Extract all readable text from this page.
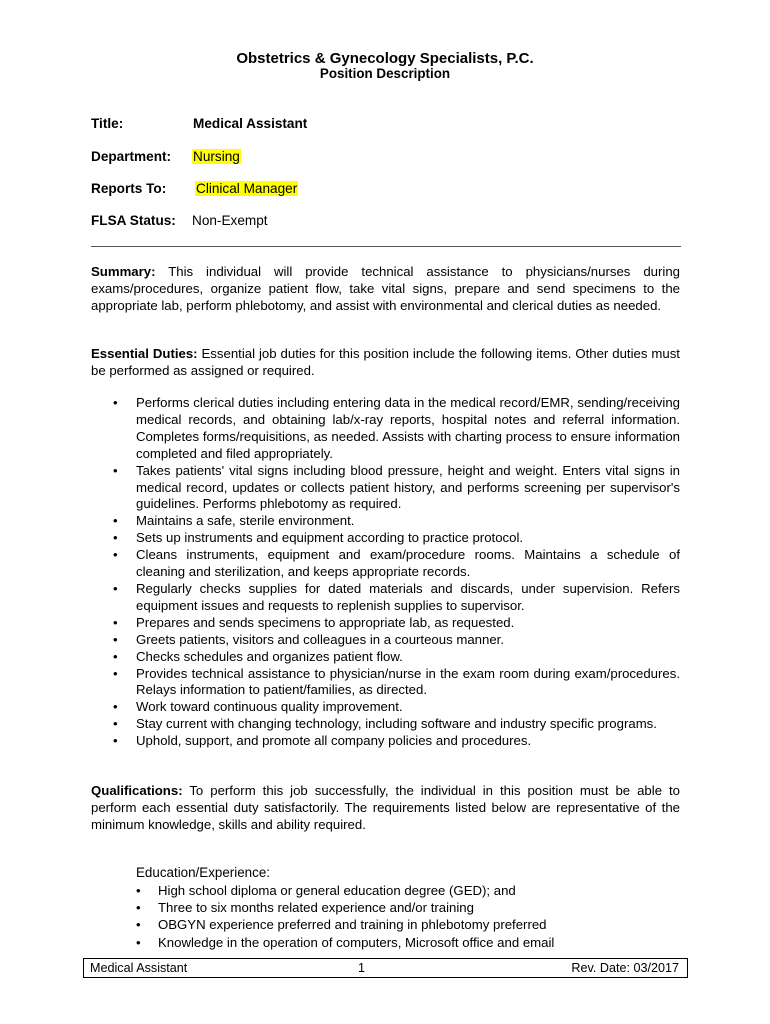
Obstetrics & Gynecology Specialists, P.C.
Position Description
Title:	Medical Assistant
Department: Nursing
Reports To: Clinical Manager
FLSA Status: Non-Exempt

Summary: This individual will provide technical assistance to physicians/nurses during exams/procedures, organize patient flow, take vital signs, prepare and send specimens to the appropriate lab, perform phlebotomy, and assist with environmental and clerical duties as needed.

Essential Duties: Essential job duties for this position include the following items. Other duties must be performed as assigned or required.

• Performs clerical duties including entering data in the medical record/EMR, sending/receiving medical records, and obtaining lab/x-ray reports, hospital notes and referral information. Completes forms/requisitions, as needed. Assists with charting process to ensure information completed and filed appropriately.
• Takes patients' vital signs including blood pressure, height and weight. Enters vital signs in medical record, updates or collects patient history, and performs screening per supervisor's guidelines. Performs phlebotomy as required.
• Maintains a safe, sterile environment.
• Sets up instruments and equipment according to practice protocol.
• Cleans instruments, equipment and exam/procedure rooms. Maintains a schedule of cleaning and sterilization, and keeps appropriate records.
• Regularly checks supplies for dated materials and discards, under supervision. Refers equipment issues and requests to replenish supplies to supervisor.
• Prepares and sends specimens to appropriate lab, as requested.
• Greets patients, visitors and colleagues in a courteous manner.
• Checks schedules and organizes patient flow.
• Provides technical assistance to physician/nurse in the exam room during exam/procedures. Relays information to patient/families, as directed.
• Work toward continuous quality improvement.
• Stay current with changing technology, including software and industry specific programs.
• Uphold, support, and promote all company policies and procedures.

Qualifications: To perform this job successfully, the individual in this position must be able to perform each essential duty satisfactorily. The requirements listed below are representative of the minimum knowledge, skills and ability required.

Education/Experience:
• High school diploma or general education degree (GED); and
• Three to six months related experience and/or training
• OBGYN experience preferred and training in phlebotomy preferred
• Knowledge in the operation of computers, Microsoft office and email
Medical Assistant	1	Rev. Date: 03/2017
